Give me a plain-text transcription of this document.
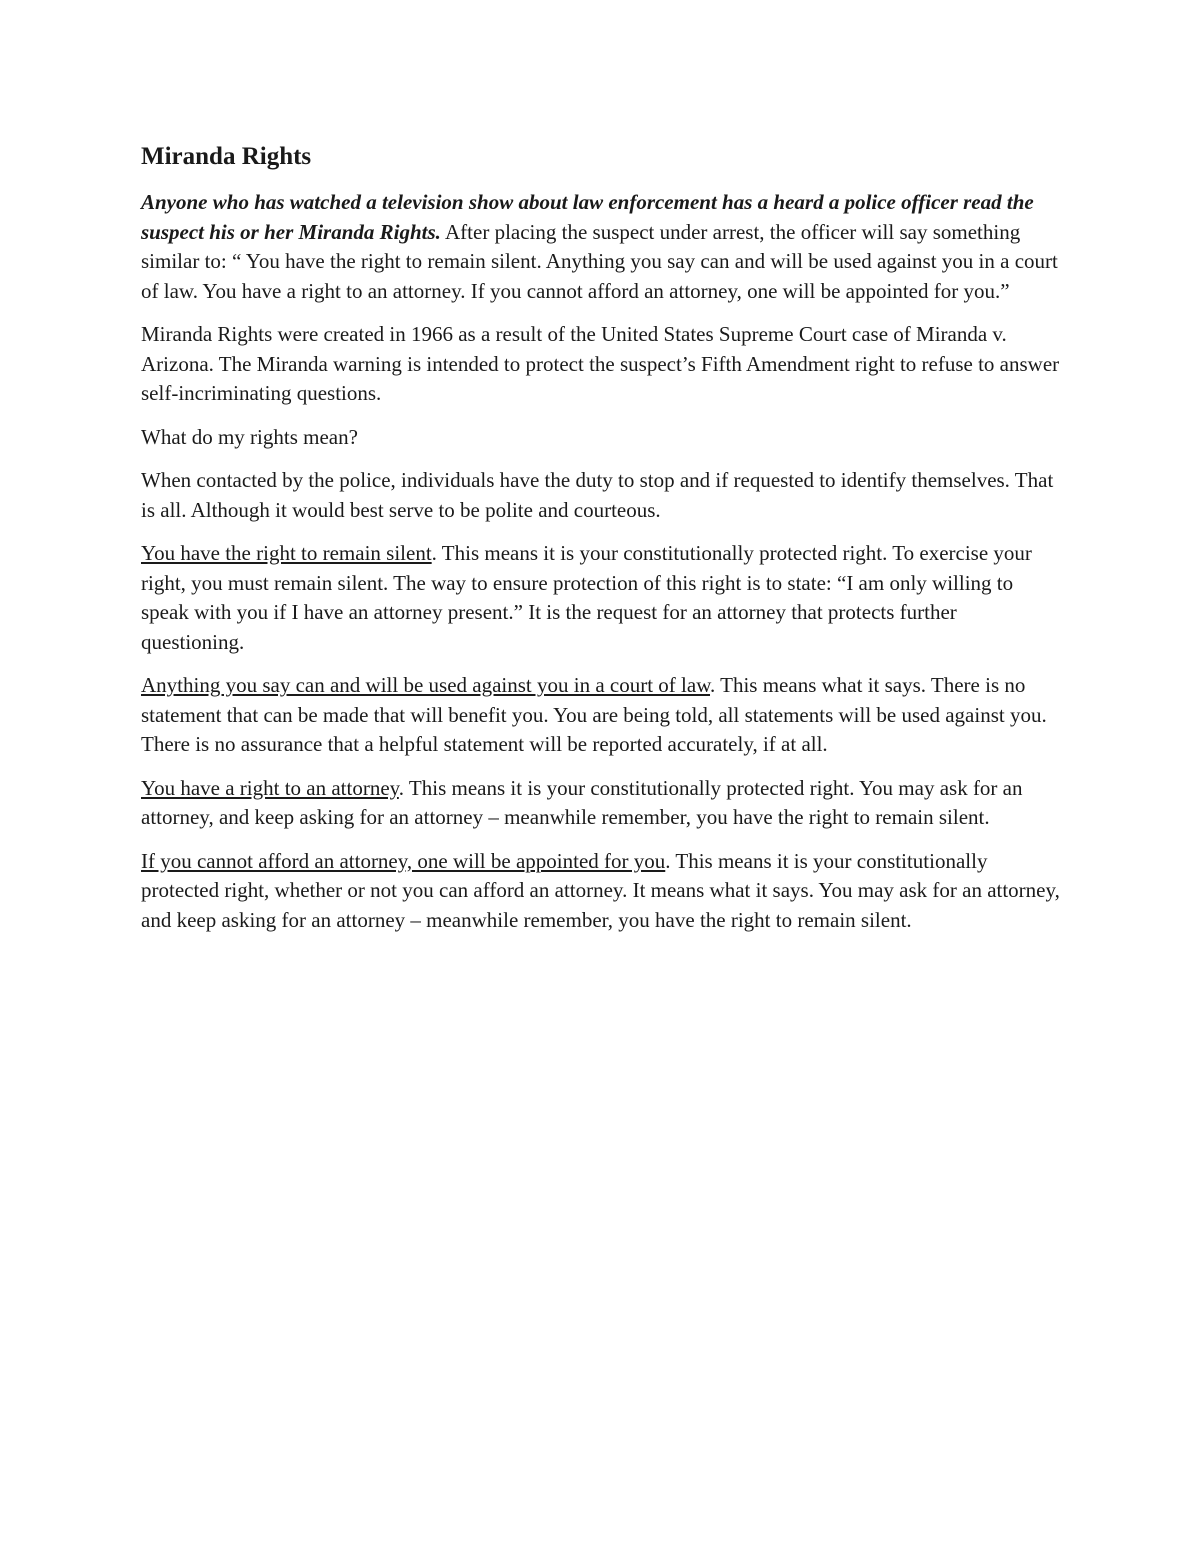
Miranda Rights

Anyone who has watched a television show about law enforcement has a heard a police officer read the suspect his or her Miranda Rights. After placing the suspect under arrest, the officer will say something similar to: “ You have the right to remain silent. Anything you say can and will be used against you in a court of law. You have a right to an attorney. If you cannot afford an attorney, one will be appointed for you.”

Miranda Rights were created in 1966 as a result of the United States Supreme Court case of Miranda v. Arizona. The Miranda warning is intended to protect the suspect’s Fifth Amendment right to refuse to answer self-incriminating questions.

What do my rights mean?

When contacted by the police, individuals have the duty to stop and if requested to identify themselves. That is all. Although it would best serve to be polite and courteous.

You have the right to remain silent. This means it is your constitutionally protected right. To exercise your right, you must remain silent. The way to ensure protection of this right is to state: “I am only willing to speak with you if I have an attorney present.” It is the request for an attorney that protects further questioning.

Anything you say can and will be used against you in a court of law. This means what it says. There is no statement that can be made that will benefit you. You are being told, all statements will be used against you. There is no assurance that a helpful statement will be reported accurately, if at all.

You have a right to an attorney. This means it is your constitutionally protected right. You may ask for an attorney, and keep asking for an attorney – meanwhile remember, you have the right to remain silent.

If you cannot afford an attorney, one will be appointed for you. This means it is your constitutionally protected right, whether or not you can afford an attorney. It means what it says. You may ask for an attorney, and keep asking for an attorney – meanwhile remember, you have the right to remain silent.
